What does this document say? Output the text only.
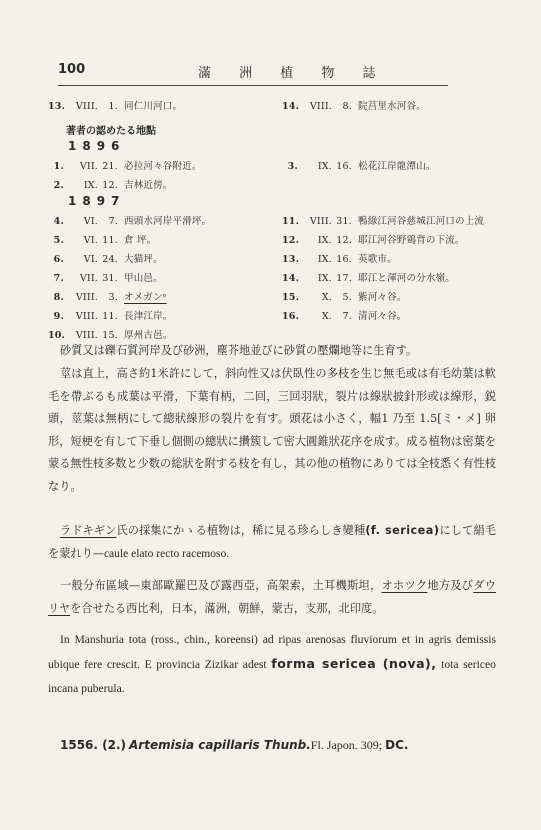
100	滿 洲 植 物 誌
13. VIII. 1. 同仁川河口。	14. VIII. 8. 院莒里水河谷。
著者の認めたる地點
1896
1. VII. 21. 必拉河々谷附近。
2. IX. 12. 吉林近傍。
3. IX. 16. 松花江岸龍潭山。
1897
4. VI. 7. 西頭水河岸平滑坪。
5. VI. 11. 倉 坪。
6. VI. 24. 大猫坪。
7. VII. 31. 甲山邑。
8. VIII. 3. オメガンᵒ
9. VIII. 11. 長津江岸。
10. VIII. 15. 厚州古邑。
11. VIII. 31. 鴨綠江河谷慈城江河口の上流
12. IX. 12. 耶江河谷野鶏背の下流。
13. IX. 16. 英歌市。
14. IX. 17. 耶江と渾河の分水嶺。
15. X. 5. 紫河々谷。
16. X. 7. 清河々谷。
砂質又は礫石質河岸及び砂洲，塵芥地並びに砂質の壓爛地等に生育す。
莖は直上，高さ約1米許にして，斜向性又は伏臥性の多枝を生じ無毛或は有毛幼葉は軟毛を帶ぶるも成葉は平滑，下葉有柄，二回，三回羽狀，裂片は線狀披針形或は線形，鋭頭，莖葉は無柄にして總狀線形の裂片を有す。頭花は小さく，幅1 乃至 1.5[ミ・メ] 卵形，短梗を有して下垂し個側の總狀に攢簇して密大圓錐狀花序を成す。成る植物は密葉を蒙る無性枝多数と少数の総狀を附する枝を有し，其の他の植物にありては全枝悉く有性枝なり。
ラドキギン氏の採集にかゝる植物は，稀に見る珍らしき變種(f. sericea)にして絹毛を蒙れり—caule elato recto racemoso.
一般分布區域—東部歐羅巴及び露西亞，高架索，土耳機斯坦，オホツク地方及びダウリヤを合せたる西比利，日本，滿洲，朝鮮，蒙古，支那，北印度。
In Manshuria tota (ross., chin., koreensi) ad ripas arenosas fluviorum et in agris demissis ubique fere crescit. E provincia Zizikar adest forma sericea (nova), tota sericeo incana puberula.
1556. (2.) Artemisia capillaris Thunb.Fl. Japon. 309; DC.
